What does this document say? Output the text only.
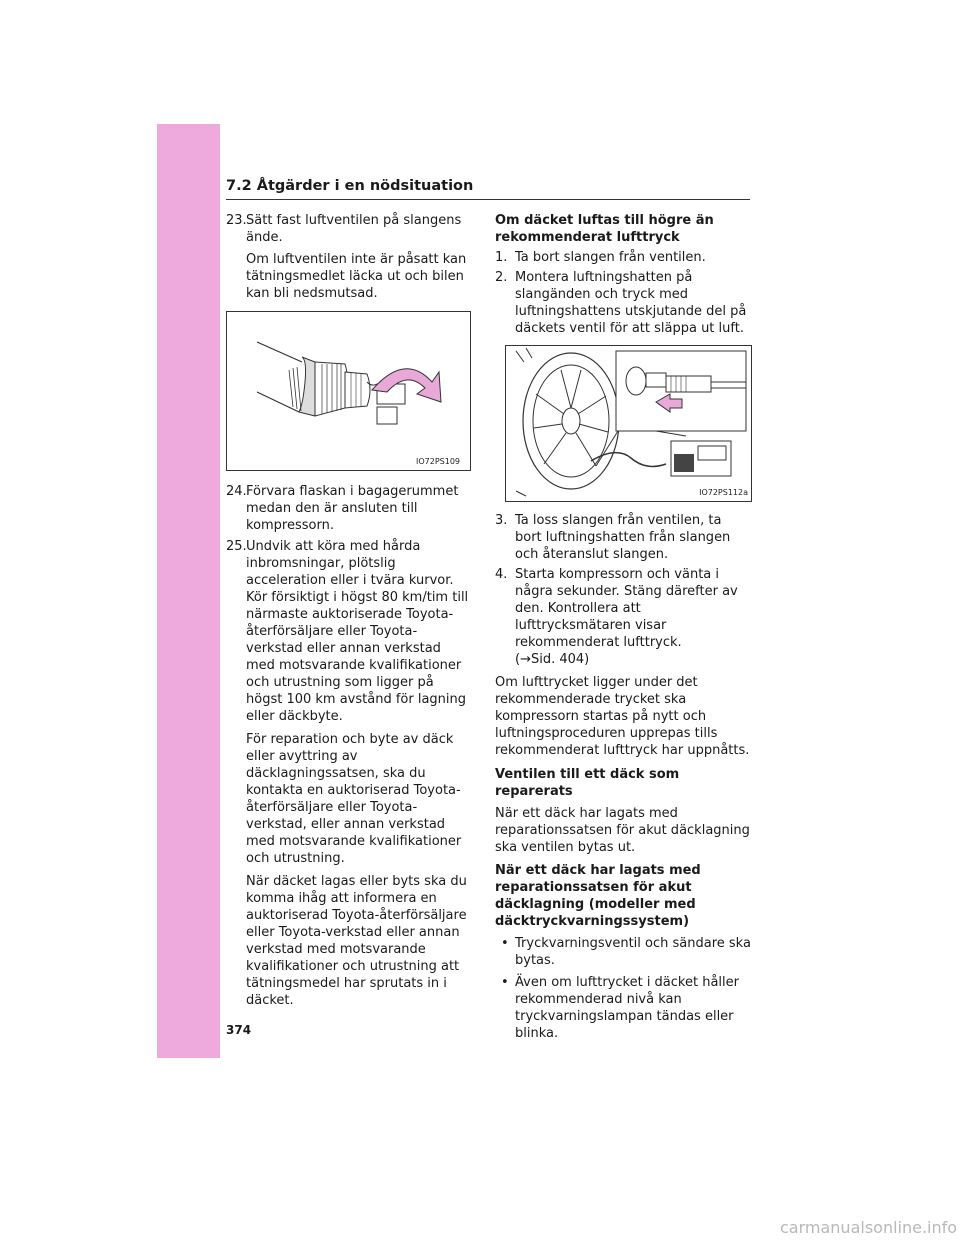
7.2 Åtgärder i en nödsituation
23. Sätt fast luftventilen på slangens ände.

Om luftventilen inte är påsatt kan tätningsmedlet läcka ut och bilen kan bli nedsmutsad.

IO72PS109
24. Förvara flaskan i bagagerummet medan den är ansluten till kompressorn.

25. Undvik att köra med hårda inbromsningar, plötslig acceleration eller i tvära kurvor. Kör försiktigt i högst 80 km/tim till närmaste auktoriserade Toyota-återförsäljare eller Toyota-verkstad eller annan verkstad med motsvarande kvalifikationer och utrustning som ligger på högst 100 km avstånd för lagning eller däckbyte.

För reparation och byte av däck eller avyttring av däcklagningssatsen, ska du kontakta en auktoriserad Toyota-återförsäljare eller Toyota-verkstad, eller annan verkstad med motsvarande kvalifikationer och utrustning.

När däcket lagas eller byts ska du komma ihåg att informera en auktoriserad Toyota-återförsäljare eller Toyota-verkstad eller annan verkstad med motsvarande kvalifikationer och utrustning att tätningsmedel har sprutats in i däcket.

Om däcket luftas till högre än rekommenderat lufttryck

1. Ta bort slangen från ventilen.

2. Montera luftningshatten på slangänden och tryck med luftningshattens utskjutande del på däckets ventil för att släppa ut luft.

IO72PS112a
3. Ta loss slangen från ventilen, ta bort luftningshatten från slangen och återanslut slangen.

4. Starta kompressorn och vänta i några sekunder. Stäng därefter av den. Kontrollera att lufttrycksmätaren visar rekommenderat lufttryck.

(→Sid. 404)

Om lufttrycket ligger under det rekommenderade trycket ska kompressorn startas på nytt och luftningsproceduren upprepas tills rekommenderat lufttryck har uppnåtts.

Ventilen till ett däck som reparerats

När ett däck har lagats med reparationssatsen för akut däcklagning ska ventilen bytas ut.

När ett däck har lagats med reparationssatsen för akut däcklagning (modeller med däcktryckvarningssystem)

• Tryckvarningsventil och sändare ska bytas.

• Även om lufttrycket i däcket håller rekommenderad nivå kan tryckvarningslampan tändas eller blinka.

374
carmanualsonline.info
